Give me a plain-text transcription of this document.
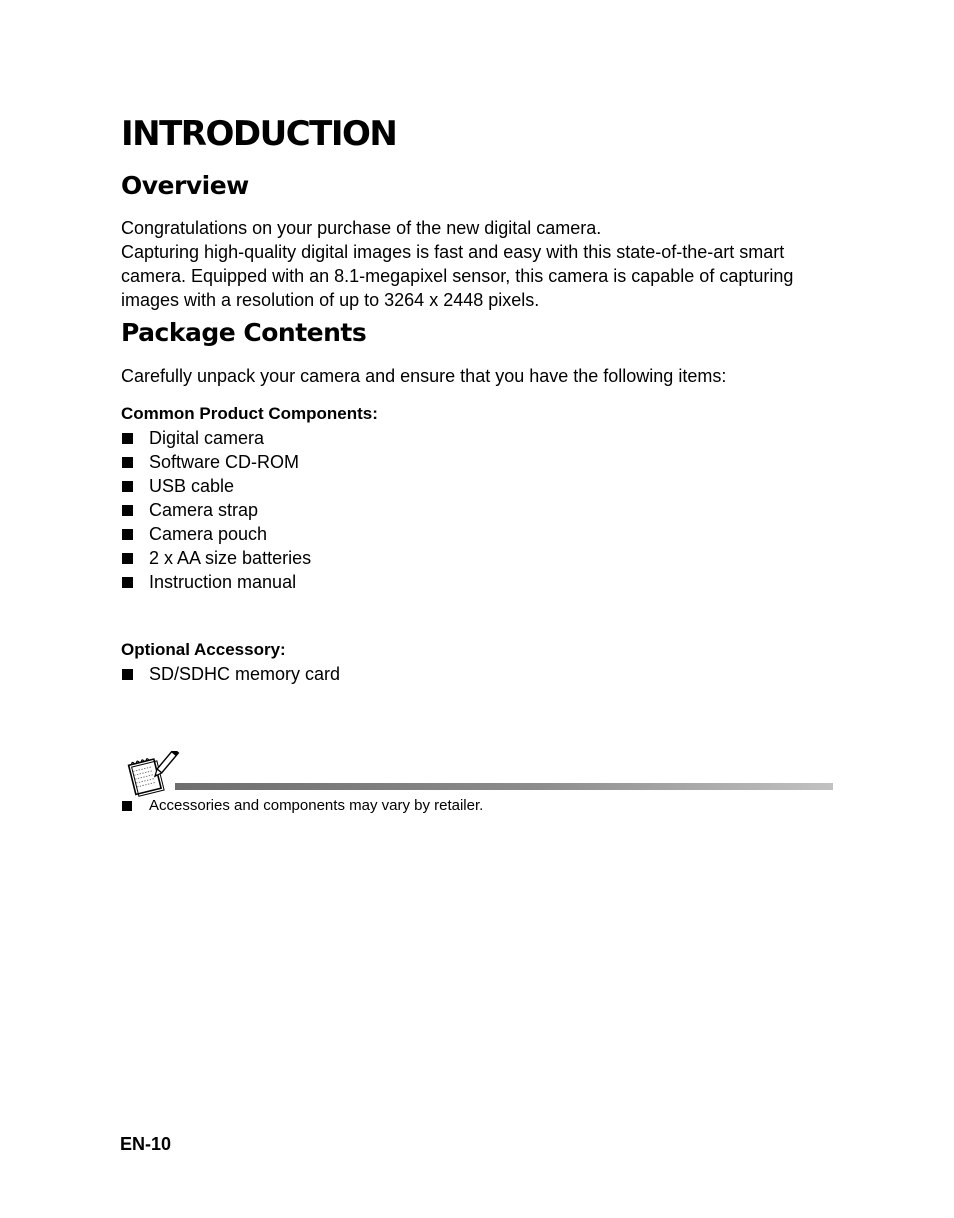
INTRODUCTION
Overview

Congratulations on your purchase of the new digital camera.
Capturing high-quality digital images is fast and easy with this state-of-the-art smart
camera. Equipped with an 8.1-megapixel sensor, this camera is capable of capturing
images with a resolution of up to 3264 x 2448 pixels.

Package Contents

Carefully unpack your camera and ensure that you have the following items:

Common Product Components:

Digital camera
Software CD-ROM
USB cable
Camera strap
Camera pouch
2 x AA size batteries
Instruction manual

Optional Accessory:

SD/SDHC memory card
Accessories and components may vary by retailer.

EN-10
